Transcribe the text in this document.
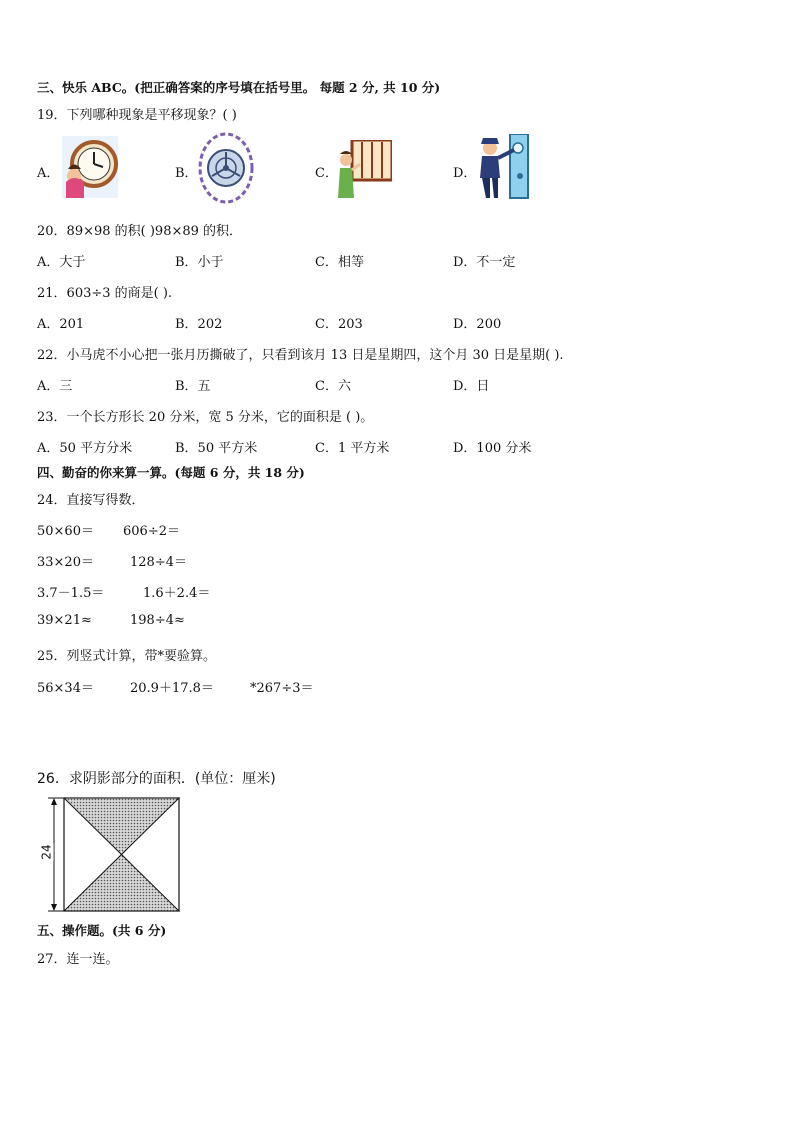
三、快乐 ABC。(把正确答案的序号填在括号里。 每题 2 分, 共 10 分)
19．下列哪种现象是平移现象？( )
A．	B．	C．	D．
20．89×98 的积( )98×89 的积．
A．大于	B．小于	C．相等	D．不一定
21．603÷3 的商是( ).
A．201	B．202	C．203	D．200
22．小马虎不小心把一张月历撕破了，只看到该月 13 日是星期四，这个月 30 日是星期( ).
A．三	B．五	C．六	D．日
23．一个长方形长 20 分米，宽 5 分米，它的面积是 ( )。
A．50 平方分米	B．50 平方米	C．1 平方米	D．100 分米
四、勤奋的你来算一算。(每题 6 分，共 18 分)
24．直接写得数．
50×60＝ 606÷2＝
33×20＝	128÷4＝
3.7－1.5＝	1.6＋2.4＝
39×21≈	198÷4≈
25．列竖式计算，带*要验算。
56×34＝	20.9＋17.8＝	*267÷3＝
26．求阴影部分的面积．(单位：厘米)
24
五、操作题。(共 6 分)
27．连一连。
